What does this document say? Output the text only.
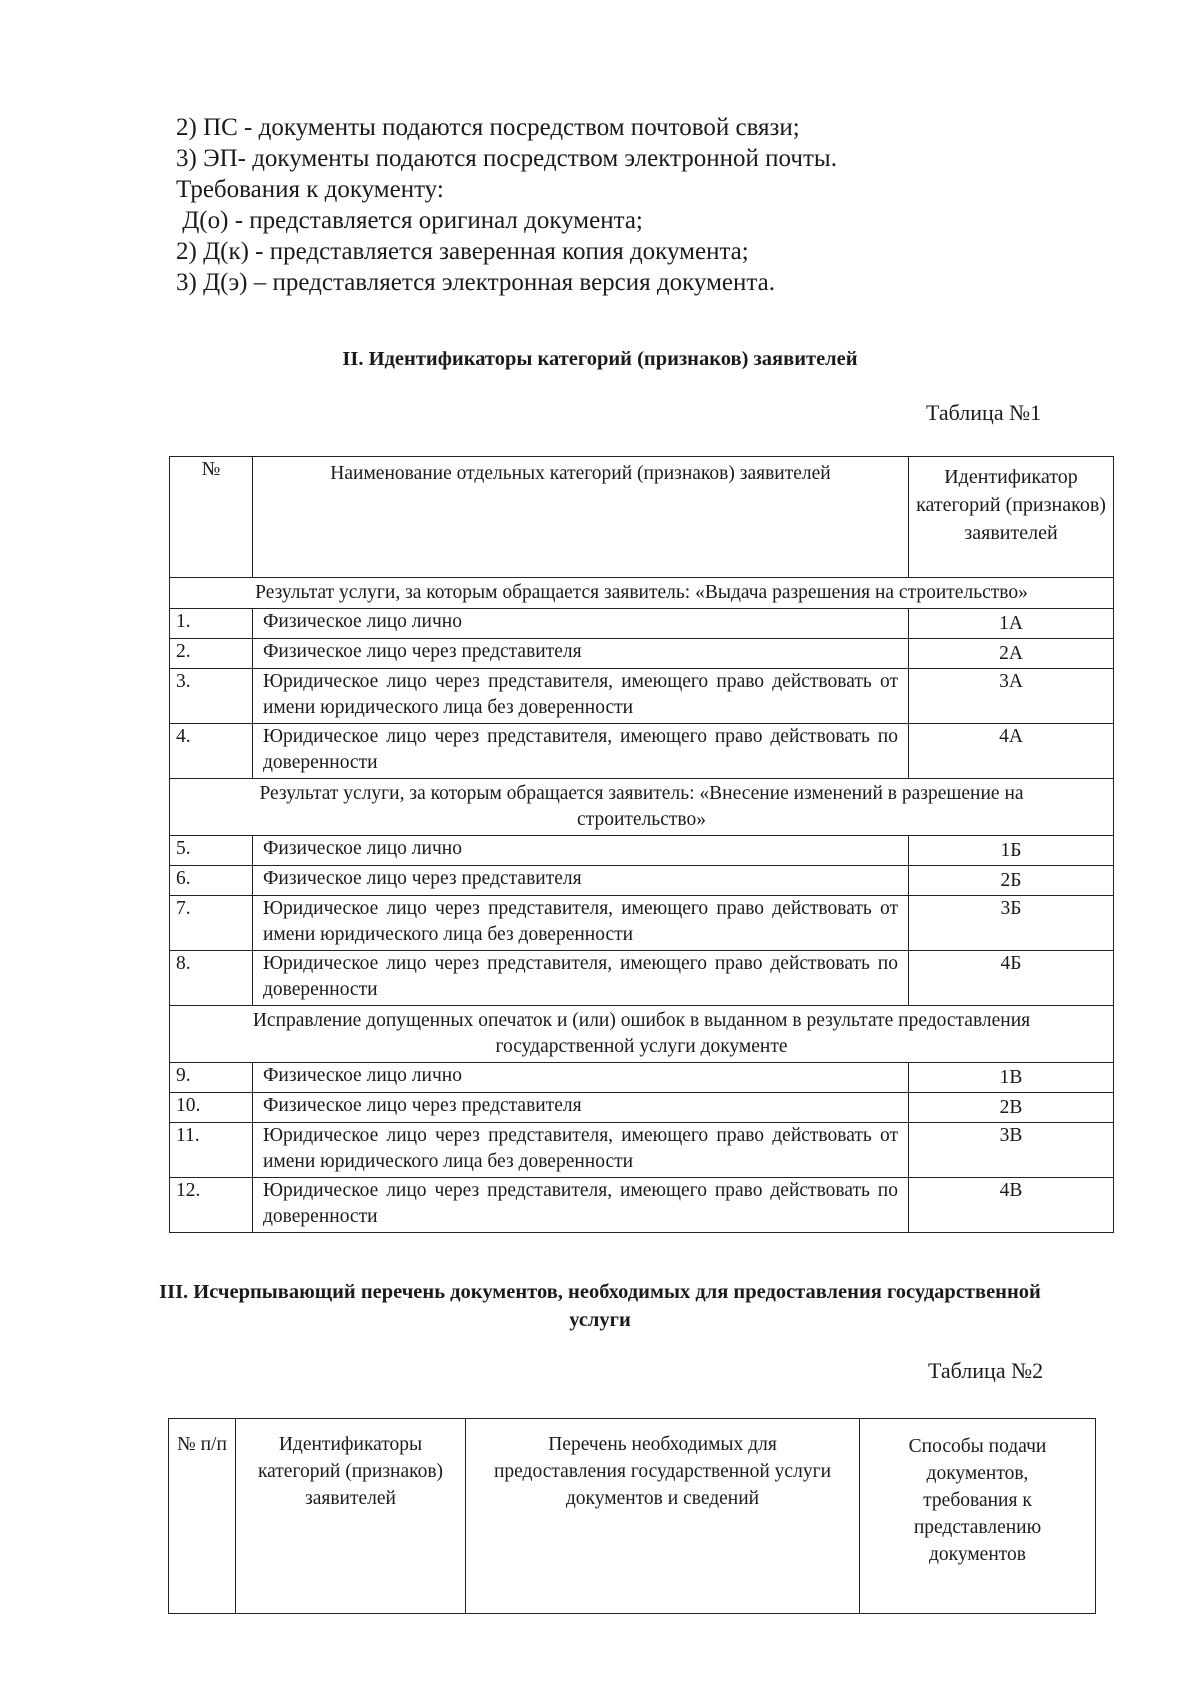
2) ПС - документы подаются посредством почтовой связи;
3) ЭП- документы подаются посредством электронной почты.
Требования к документу:
Д(о) - представляется оригинал документа;
2) Д(к) - представляется заверенная копия документа;
3) Д(э) – представляется электронная версия документа.
II. Идентификаторы категорий (признаков) заявителей
Таблица №1
№	Наименование отдельных категорий (признаков) заявителей	Идентификатор категорий (признаков) заявителей
Результат услуги, за которым обращается заявитель: «Выдача разрешения на строительство»		
1.	Физическое лицо лично	1А
2.	Физическое лицо через представителя	2А
3.	Юридическое лицо через представителя, имеющего право действовать от имени юридического лица без доверенности	3А
4.	Юридическое лицо через представителя, имеющего право действовать по доверенности	4А
Результат услуги, за которым обращается заявитель: «Внесение изменений в разрешение на строительство»		
5.	Физическое лицо лично	1Б
6.	Физическое лицо через представителя	2Б
7.	Юридическое лицо через представителя, имеющего право действовать от имени юридического лица без доверенности	3Б
8.	Юридическое лицо через представителя, имеющего право действовать по доверенности	4Б
Исправление допущенных опечаток и (или) ошибок в выданном в результате предоставления государственной услуги документе		
9.	Физическое лицо лично	1В
10.	Физическое лицо через представителя	2В
11.	Юридическое лицо через представителя, имеющего право действовать от имени юридического лица без доверенности	3В
12.	Юридическое лицо через представителя, имеющего право действовать по доверенности	4В
III. Исчерпывающий перечень документов, необходимых для предоставления государственной услуги
Таблица №2
№ п/п	Идентификаторы категорий (признаков) заявителей	Перечень необходимых для предоставления государственной услуги документов и сведений	Способы подачи документов, требования к представлению документов
